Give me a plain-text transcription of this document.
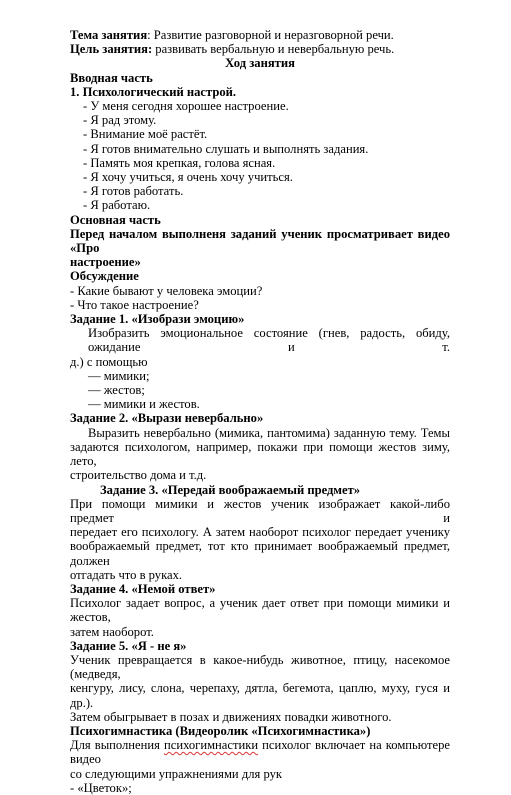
Тема занятия: Развитие разговорной и неразговорной речи.

Цель занятия: развивать вербальную и невербальную речь.

Ход занятия

Вводная часть

1. Психологический настрой.

- У меня сегодня хорошее настроение.

- Я рад этому.

- Внимание моё растёт.

- Я готов внимательно слушать и выполнять задания.

- Память моя крепкая, голова ясная.

- Я хочу учиться, я очень хочу учиться.

- Я готов работать.

- Я работаю.

Основная часть

Перед началом выполненя заданий ученик просматривает видео «Про

настроение»

Обсуждение

- Какие бывают у человека эмоции?

- Что такое настроение?

Задание 1. «Изобрази эмоцию»

Изобразить эмоциональное состояние (гнев, радость, обиду, ожидание и т.

д.) с помощью

— мимики;

— жестов;

— мимики и жестов.

Задание 2. «Вырази невербально»

Выразить невербально (мимика, пантомима) заданную тему. Темы

задаются психологом, например, покажи при помощи жестов зиму, лето,

строительство дома и т.д.

Задание 3. «Передай воображаемый предмет»

При помощи мимики и жестов ученик изображает какой-либо предмет и

передает его психологу. А затем наоборот психолог передает ученику

воображаемый предмет, тот кто принимает воображаемый предмет, должен

отгадать что в руках.

Задание 4. «Немой ответ»

Психолог задает вопрос, а ученик дает ответ при помощи мимики и жестов,

затем наоборот.

Задание 5. «Я - не я»

Ученик превращается в какое-нибудь животное, птицу, насекомое (медведя,

кенгуру, лису, слона, черепаху, дятла, бегемота, цаплю, муху, гуся и др.).

Затем обыгрывает в позах и движениях повадки животного.

Психогимнастика (Видеоролик «Психогимнастика»)

Для выполнения психогимнастики психолог включает на компьютере видео

со следующими упражнениями для рук

- «Цветок»;
